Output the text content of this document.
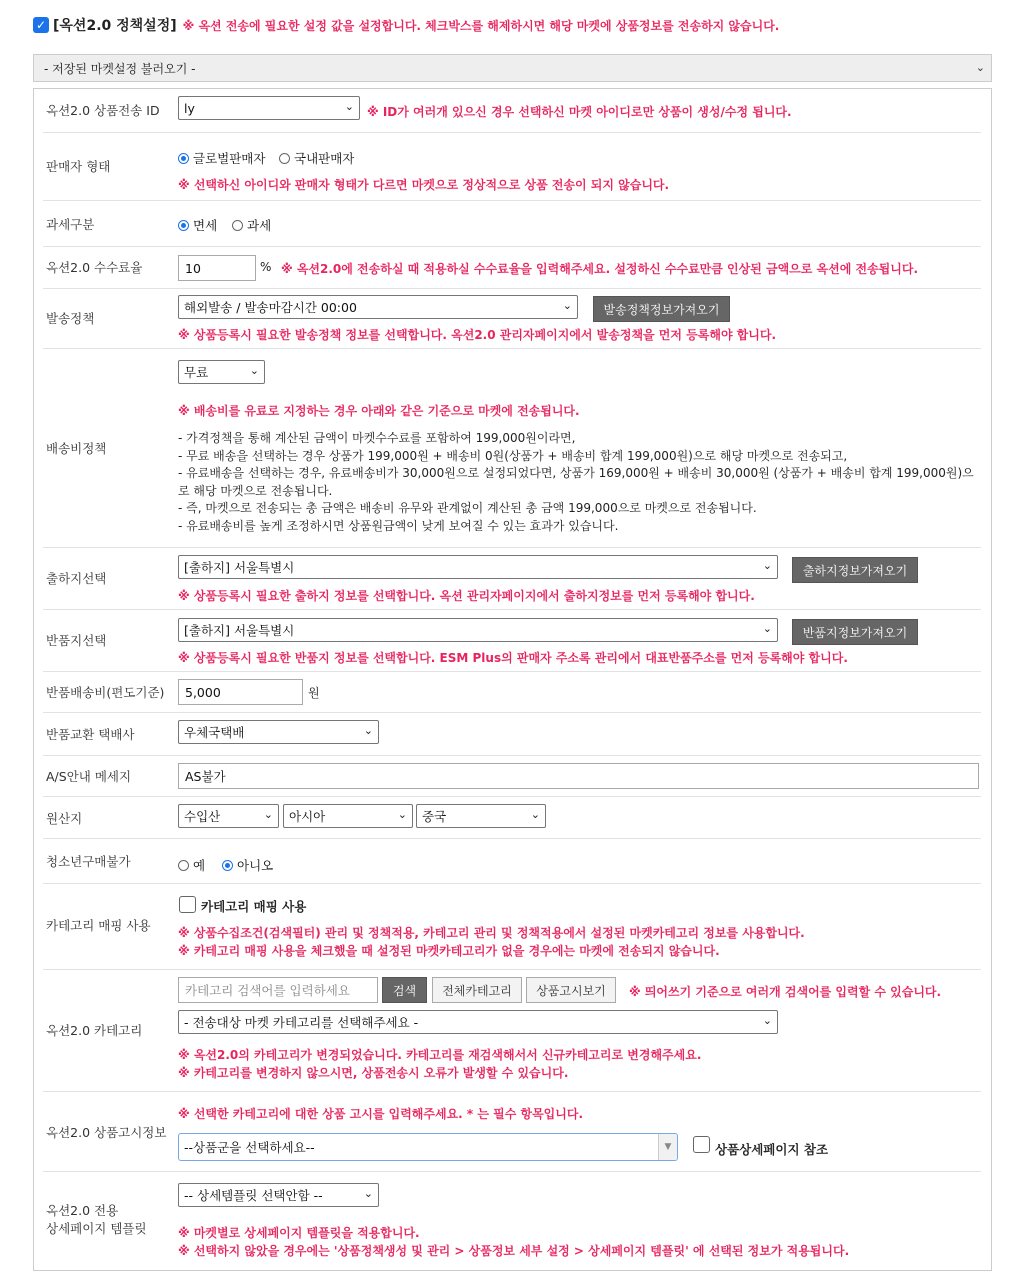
✓ [옥션2.0 정책설정] ※ 옥션 전송에 필요한 설정 값을 설정합니다. 체크박스를 해제하시면 해당 마켓에 상품정보를 전송하지 않습니다.
- 저장된 마켓설정 불러오기 -	⌄
옥션2.0 상품전송 ID ly	⌄ ※ ID가 여러개 있으신 경우 선택하신 마켓 아이디로만 상품이 생성/수정 됩니다.
판매자 형태
글로벌판매자 국내판매자
※ 선택하신 아이디와 판매자 형태가 다르면 마켓으로 정상적으로 상품 전송이 되지 않습니다.
과세구분	면세 과세
옥션2.0 수수료율	10	% ※ 옥션2.0에 전송하실 때 적용하실 수수료율을 입력해주세요. 설정하신 수수료만큼 인상된 금액으로 옥션에 전송됩니다.
발송정책
해외발송 / 발송마감시간 00:00	⌄	발송정책정보가져오기
※ 상품등록시 필요한 발송정책 정보를 선택합니다. 옥션2.0 관리자페이지에서 발송정책을 먼저 등록해야 합니다.
배송비정책
무료	⌄
※ 배송비를 유료로 지정하는 경우 아래와 같은 기준으로 마켓에 전송됩니다.
- 가격정책을 통해 계산된 금액이 마켓수수료를 포함하여 199,000원이라면,
- 무료 배송을 선택하는 경우 상품가 199,000원 + 배송비 0원(상품가 + 배송비 합계 199,000원)으로 해당 마켓으로 전송되고,
- 유료배송을 선택하는 경우, 유료배송비가 30,000원으로 설정되었다면, 상품가 169,000원 + 배송비 30,000원 (상품가 + 배송비 합계 199,000원)으로 해당 마켓으로 전송됩니다.
- 즉, 마켓으로 전송되는 총 금액은 배송비 유무와 관계없이 계산된 총 금액 199,000으로 마켓으로 전송됩니다.
- 유료배송비를 높게 조정하시면 상품원금액이 낮게 보여질 수 있는 효과가 있습니다.
출하지선택
[출하지] 서울특별시	⌄	출하지정보가져오기
※ 상품등록시 필요한 출하지 정보를 선택합니다. 옥션 관리자페이지에서 출하지정보를 먼저 등록해야 합니다.
반품지선택
[출하지] 서울특별시	⌄	반품지정보가져오기
※ 상품등록시 필요한 반품지 정보를 선택합니다. ESM Plus의 판매자 주소록 관리에서 대표반품주소를 먼저 등록해야 합니다.
반품배송비(편도기준) 5,000	원
반품교환 택배사	우체국택배	⌄
A/S안내 메세지	AS불가
원산지	수입산	⌄ 아시아	⌄ 중국	⌄
청소년구매불가	예	아니오
카테고리 매핑 사용
카테고리 매핑 사용
※ 상품수집조건(검색필터) 관리 및 정책적용, 카테고리 관리 및 정책적용에서 설정된 마켓카테고리 정보를 사용합니다.
※ 카테고리 매핑 사용을 체크했을 때 설정된 마켓카테고리가 없을 경우에는 마켓에 전송되지 않습니다.
옥션2.0 카테고리
카테고리 검색어를 입력하세요	검색	전체카테고리	상품고시보기	※ 띄어쓰기 기준으로 여러개 검색어를 입력할 수 있습니다.
- 전송대상 마켓 카테고리를 선택해주세요 -	⌄
※ 옥션2.0의 카테고리가 변경되었습니다. 카테고리를 재검색해서서 신규카테고리로 변경해주세요.
※ 카테고리를 변경하지 않으시면, 상품전송시 오류가 발생할 수 있습니다.
옥션2.0 상품고시정보
※ 선택한 카테고리에 대한 상품 고시를 입력해주세요. * 는 필수 항목입니다.
--상품군을 선택하세요--	▼	상품상세페이지 참조
옥션2.0 전용
상세페이지 템플릿
-- 상세템플릿 선택안함 --	⌄
※ 마켓별로 상세페이지 템플릿을 적용합니다.
※ 선택하지 않았을 경우에는 '상품정책생성 및 관리 > 상품정보 세부 설정 > 상세페이지 템플릿' 에 선택된 정보가 적용됩니다.
